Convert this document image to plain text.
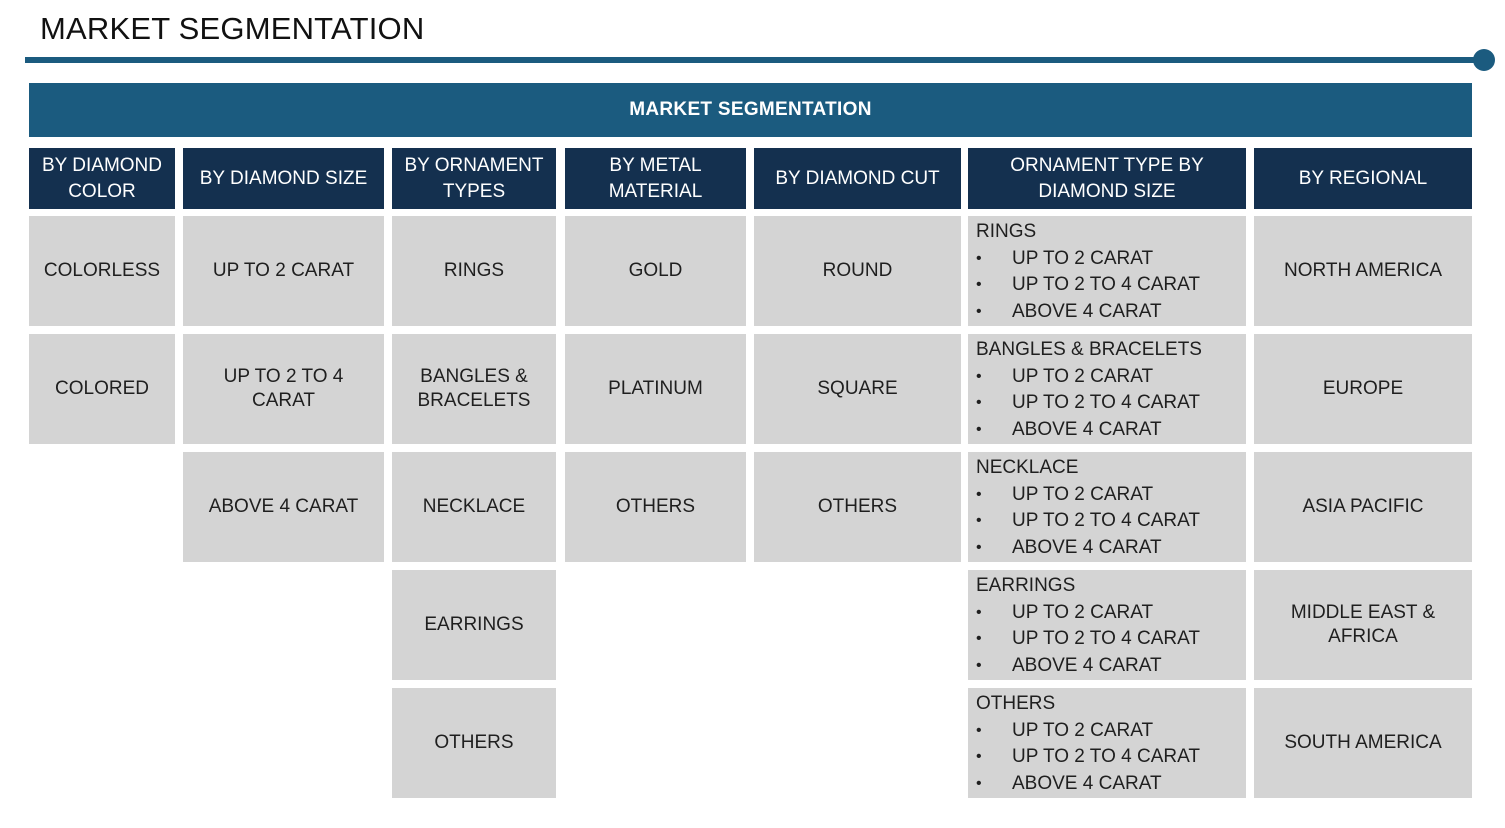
MARKET SEGMENTATION
MARKET SEGMENTATION
BY DIAMOND COLOR
COLORLESS
COLORED
BY DIAMOND SIZE
UP TO 2 CARAT
UP TO 2 TO 4 CARAT
ABOVE 4 CARAT
BY ORNAMENT TYPES
RINGS
BANGLES & BRACELETS
NECKLACE
EARRINGS
OTHERS
BY METAL MATERIAL
GOLD
PLATINUM
OTHERS
BY DIAMOND CUT
ROUND
SQUARE
OTHERS
ORNAMENT TYPE BY DIAMOND SIZE
RINGS
• UP TO 2 CARAT
• UP TO 2 TO 4 CARAT
• ABOVE 4 CARAT
BANGLES & BRACELETS
• UP TO 2 CARAT
• UP TO 2 TO 4 CARAT
• ABOVE 4 CARAT
NECKLACE
• UP TO 2 CARAT
• UP TO 2 TO 4 CARAT
• ABOVE 4 CARAT
EARRINGS
• UP TO 2 CARAT
• UP TO 2 TO 4 CARAT
• ABOVE 4 CARAT
OTHERS
• UP TO 2 CARAT
• UP TO 2 TO 4 CARAT
• ABOVE 4 CARAT
BY REGIONAL
NORTH AMERICA
EUROPE
ASIA PACIFIC
MIDDLE EAST & AFRICA
SOUTH AMERICA
